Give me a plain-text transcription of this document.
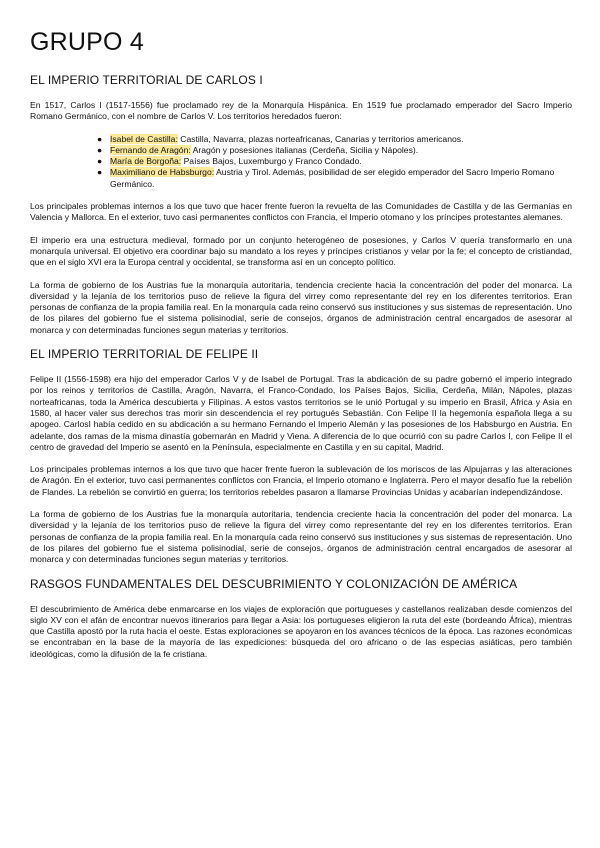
GRUPO 4
EL IMPERIO TERRITORIAL DE CARLOS I

En 1517, Carlos I (1517-1556) fue proclamado rey de la Monarquía Hispánica. En 1519 fue proclamado emperador del Sacro Imperio Romano Germánico, con el nombre de Carlos V. Los territorios heredados fueron:

● Isabel de Castilla: Castilla, Navarra, plazas norteafricanas, Canarias y territorios americanos.
● Fernando de Aragón: Aragón y posesiones italianas (Cerdeña, Sicilia y Nápoles).
● María de Borgoña: Países Bajos, Luxemburgo y Franco Condado.
● Maximiliano de Habsburgo: Austria y Tirol. Además, posibilidad de ser elegido emperador del Sacro Imperio Romano Germánico.

Los principales problemas internos a los que tuvo que hacer frente fueron la revuelta de las Comunidades de Castilla y de las Germanías en Valencia y Mallorca. En el exterior, tuvo casi permanentes conflictos con Francia, el Imperio otomano y los príncipes protestantes alemanes.

El imperio era una estructura medieval, formado por un conjunto heterogéneo de posesiones, y Carlos V quería transformarlo en una monarquía universal. El objetivo era coordinar bajo su mandato a los reyes y príncipes cristianos y velar por la fe; el concepto de cristiandad, que en el siglo XVI era la Europa central y occidental, se transforma así en un concepto político.

La forma de gobierno de los Austrias fue la monarquía autoritaria, tendencia creciente hacia la concentración del poder del monarca. La diversidad y la lejanía de los territorios puso de relieve la figura del virrey como representante del rey en los diferentes territorios. Eran personas de confianza de la propia familia real. En la monarquía cada reino conservó sus instituciones y sus sistemas de representación. Uno de los pilares del gobierno fue el sistema polisinodial, serie de consejos, órganos de administración central encargados de asesorar al monarca y con determinadas funciones segun materias y territorios.

EL IMPERIO TERRITORIAL DE FELIPE II

Felipe II (1556-1598) era hijo del emperador Carlos V y de Isabel de Portugal. Tras la abdicación de su padre gobernó el imperio integrado por los reinos y territorios de Castilla, Aragón, Navarra, el Franco-Condado, los Países Bajos, Sicilia, Cerdeña, Milán, Nápoles, plazas norteafricanas, toda la América descubierta y Filipinas. A estos vastos territorios se le unió Portugal y su imperio en Brasil, África y Asia en 1580, al hacer valer sus derechos tras morir sin descendencia el rey portugués Sebastián. Con Felipe II la hegemonía española llega a su apogeo. CarlosI había cedido en su abdicación a su hermano Fernando el Imperio Alemán y las posesiones de los Habsburgo en Austria. En adelante, dos ramas de la misma dinastía gobernarán en Madrid y Viena. A diferencia de lo que ocurrió con su padre Carlos I, con Felipe II el centro de gravedad del Imperio se asentó en la Península, especialmente en Castilla y en su capital, Madrid.

Los principales problemas internos a los que tuvo que hacer frente fueron la sublevación de los moriscos de las Alpujarras y las alteraciones de Aragón. En el exterior, tuvo casi permanentes conflictos con Francia, el Imperio otomano e Inglaterra. Pero el mayor desafío fue la rebelión de Flandes. La rebelión se convirtió en guerra; los territorios rebeldes pasaron a llamarse Provincias Unidas y acabarían independizándose.

La forma de gobierno de los Austrias fue la monarquía autoritaria, tendencia creciente hacia la concentración del poder del monarca. La diversidad y la lejanía de los territorios puso de relieve la figura del virrey como representante del rey en los diferentes territorios. Eran personas de confianza de la propia familia real. En la monarquía cada reino conservó sus instituciones y sus sistemas de representación. Uno de los pilares del gobierno fue el sistema polisinodial, serie de consejos, órganos de administración central encargados de asesorar al monarca y con determinadas funciones segun materias y territorios.

RASGOS FUNDAMENTALES DEL DESCUBRIMIENTO Y COLONIZACIÓN DE AMÉRICA

El descubrimiento de América debe enmarcarse en los viajes de exploración que portugueses y castellanos realizaban desde comienzos del siglo XV con el afán de encontrar nuevos itinerarios para llegar a Asia: los portugueses eligieron la ruta del este (bordeando África), mientras que Castilla apostó por la ruta hacia el oeste. Estas exploraciones se apoyaron en los avances técnicos de la época. Las razones económicas se encontraban en la base de la mayoría de las expediciones: búsqueda del oro africano o de las especias asiáticas, pero también ideológicas, como la difusión de la fe cristiana.
